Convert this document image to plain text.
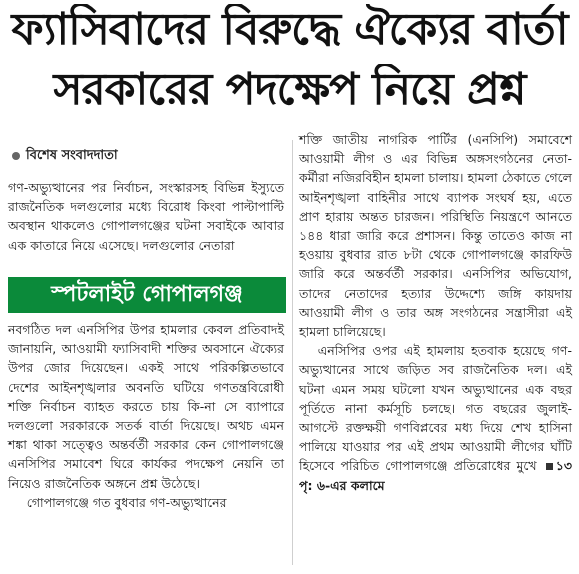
ফ্যাসিবাদের বিরুদ্ধে ঐক্যের বার্তা
সরকারের পদক্ষেপ নিয়ে প্রশ্ন
বিশেষ সংবাদদাতা

গণ-অভ্যুত্থানের পর নির্বাচন, সংস্কারসহ বিভিন্ন ইস্যুতে রাজনৈতিক দলগুলোর মধ্যে বিরোধ কিংবা পাল্টাপাল্টি অবস্থান থাকলেও গোপালগঞ্জের ঘটনা সবাইকে আবার এক কাতারে নিয়ে এসেছে। দলগুলোর নেতারা

স্পটলাইট গোপালগঞ্জ

নবগঠিত দল এনসিপির উপর হামলার কেবল প্রতিবাদই জানায়নি, আওয়ামী ফ্যাসিবাদী শক্তির অবসানে ঐক্যের উপর জোর দিয়েছেন। একই সাথে পরিকল্পিতভাবে দেশের আইনশৃঙ্খলার অবনতি ঘটিয়ে গণতন্ত্রবিরোধী শক্তি নির্বাচন ব্যাহত করতে চায় কি-না সে ব্যাপারে দলগুলো সরকারকে সতর্ক বার্তা দিয়েছে। অথচ এমন শঙ্কা থাকা সত্ত্বেও অন্তর্বর্তী সরকার কেন গোপালগঞ্জে এনসিপির সমাবেশ ঘিরে কার্যকর পদক্ষেপ নেয়নি তা নিয়েও রাজনৈতিক অঙ্গনে প্রশ্ন উঠেছে।

গোপালগঞ্জে গত বুধবার গণ-অভ্যুত্থানের

শক্তি জাতীয় নাগরিক পার্টির (এনসিপি) সমাবেশে আওয়ামী লীগ ও এর বিভিন্ন অঙ্গসংগঠনের নেতা-কর্মীরা নজিরবিহীন হামলা চালায়। হামলা ঠেকাতে গেলে আইনশৃঙ্খলা বাহিনীর সাথে ব্যাপক সংঘর্ষ হয়, এতে প্রাণ হারায় অন্তত চারজন। পরিস্থিতি নিয়ন্ত্রণে আনতে ১৪৪ ধারা জারি করে প্রশাসন। কিন্তু তাতেও কাজ না হওয়ায় বুধবার রাত ৮টা থেকে গোপালগঞ্জে কারফিউ জারি করে অন্তর্বর্তী সরকার। এনসিপির অভিযোগ, তাদের নেতাদের হত্যার উদ্দেশ্যে জঙ্গি কায়দায় আওয়ামী লীগ ও তার অঙ্গ সংগঠনের সন্ত্রাসীরা এই হামলা চালিয়েছে।

এনসিপির ওপর এই হামলায় হতবাক হয়েছে গণ-অভ্যুত্থানের সাথে জড়িত সব রাজনৈতিক দল। এই ঘটনা এমন সময় ঘটলো যখন অভ্যুত্থানের এক বছর পূর্তিতে নানা কর্মসূচি চলছে। গত বছরের জুলাই-আগস্টে রক্তক্ষয়ী গণবিপ্লবের মধ্য দিয়ে শেখ হাসিনা পালিয়ে যাওয়ার পর এই প্রথম আওয়ামী লীগের ঘাঁটি হিসেবে পরিচিত গোপালগঞ্জে প্রতিরোধের মুখে ১৩ পৃ: ৬-এর কলামে
